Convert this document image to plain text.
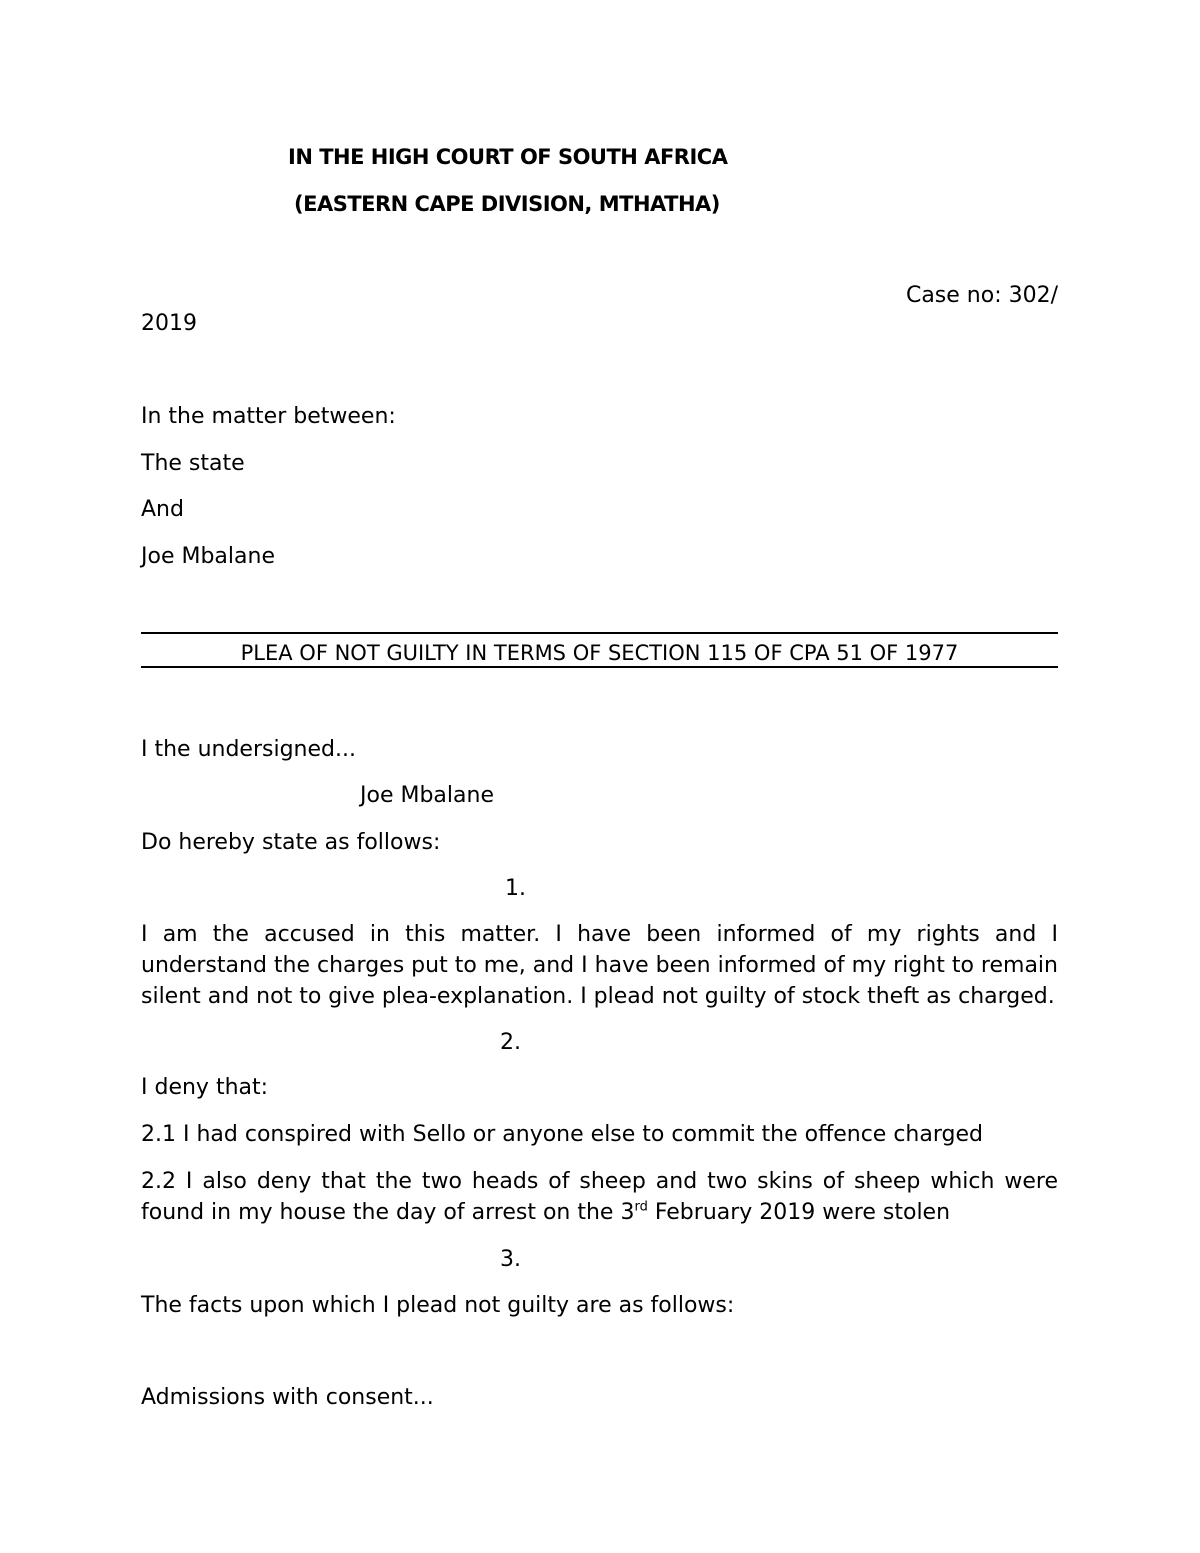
IN THE HIGH COURT OF SOUTH AFRICA
(EASTERN CAPE DIVISION, MTHATHA)
Case no: 302/
2019
In the matter between:
The state
And
Joe Mbalane
PLEA OF NOT GUILTY IN TERMS OF SECTION 115 OF CPA 51 OF 1977
I the undersigned...
Joe Mbalane
Do hereby state as follows:
1.
I am the accused in this matter. I have been informed of my rights and I understand the charges put to me, and I have been informed of my right to remain silent and not to give plea-explanation. I plead not guilty of stock theft as charged.
2.
I deny that:
2.1 I had conspired with Sello or anyone else to commit the offence charged
2.2 I also deny that the two heads of sheep and two skins of sheep which were found in my house the day of arrest on the 3rd February 2019 were stolen
3.
The facts upon which I plead not guilty are as follows:
Admissions with consent...
